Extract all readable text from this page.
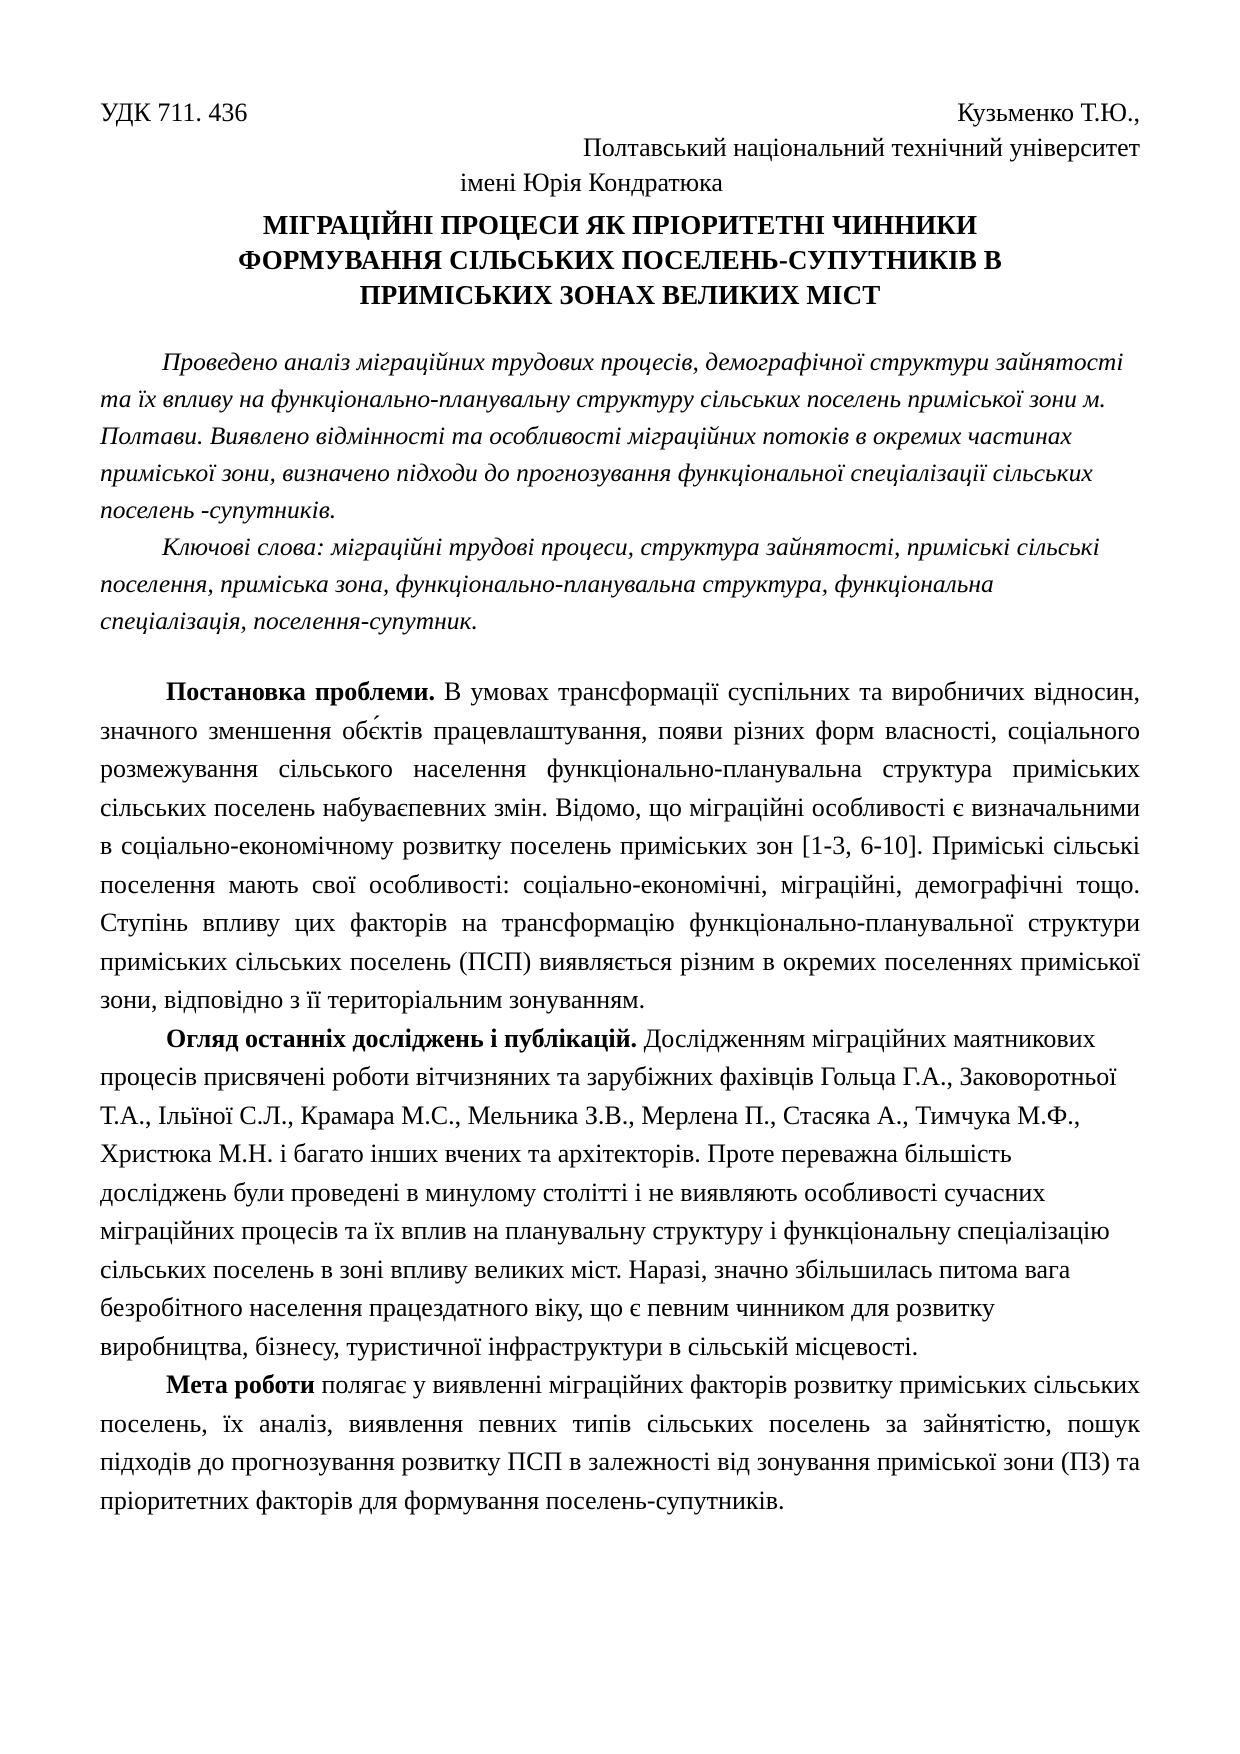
УДК 711. 436	Кузьменко Т.Ю.,
Полтавський національний технічний університет
імені Юрія Кондратюка
МІГРАЦІЙНІ ПРОЦЕСИ ЯК ПРІОРИТЕТНІ ЧИННИКИ
ФОРМУВАННЯ СІЛЬСЬКИХ ПОСЕЛЕНЬ-СУПУТНИКІВ В
ПРИМІСЬКИХ ЗОНАХ ВЕЛИКИХ МІСТ

Проведено аналіз міграційних трудових процесів, демографічної структури зайнятості та їх впливу на функціонально-планувальну структуру сільських поселень приміської зони м. Полтави. Виявлено відмінності та особливості міграційних потоків в окремих частинах приміської зони, визначено підходи до прогнозування функціональної спеціалізації сільських поселень -супутників.

Ключові слова: міграційні трудові процеси, структура зайнятості, приміські сільські поселення, приміська зона, функціонально-планувальна структура, функціональна спеціалізація, поселення-супутник.

Постановка проблеми. В умовах трансформації суспільних та виробничих відносин, значного зменшення обє́ктів працевлаштування, появи різних форм власності, соціального розмежування сільського населення функціонально-планувальна структура приміських сільських поселень набуваєпевних змін. Відомо, що міграційні особливості є визначальними в соціально-економічному розвитку поселень приміських зон [1-3, 6-10]. Приміські сільські поселення мають свої особливості: соціально-економічні, міграційні, демографічні тощо. Ступінь впливу цих факторів на трансформацію функціонально-планувальної структури приміських сільських поселень (ПСП) виявляється різним в окремих поселеннях приміської зони, відповідно з її територіальним зонуванням.

Огляд останніх досліджень і публікацій. Дослідженням міграційних маятникових процесів присвячені роботи вітчизняних та зарубіжних фахівців Гольца Г.А., Заковоротньої Т.А., Ільїної С.Л., Крамара М.С., Мельника З.В., Мерлена П., Стасяка А., Тимчука М.Ф., Христюка М.Н. і багато інших вчених та архітекторів. Проте переважна більшість досліджень були проведені в минулому столітті і не виявляють особливості сучасних міграційних процесів та їх вплив на планувальну структуру і функціональну спеціалізацію сільських поселень в зоні впливу великих міст. Наразі, значно збільшилась питома вага безробітного населення працездатного віку, що є певним чинником для розвитку виробництва, бізнесу, туристичної інфраструктури в сільській місцевості.

Мета роботи полягає у виявленні міграційних факторів розвитку приміських сільських поселень, їх аналіз, виявлення певних типів сільських поселень за зайнятістю, пошук підходів до прогнозування розвитку ПСП в залежності від зонування приміської зони (ПЗ) та пріоритетних факторів для формування поселень-супутників.
